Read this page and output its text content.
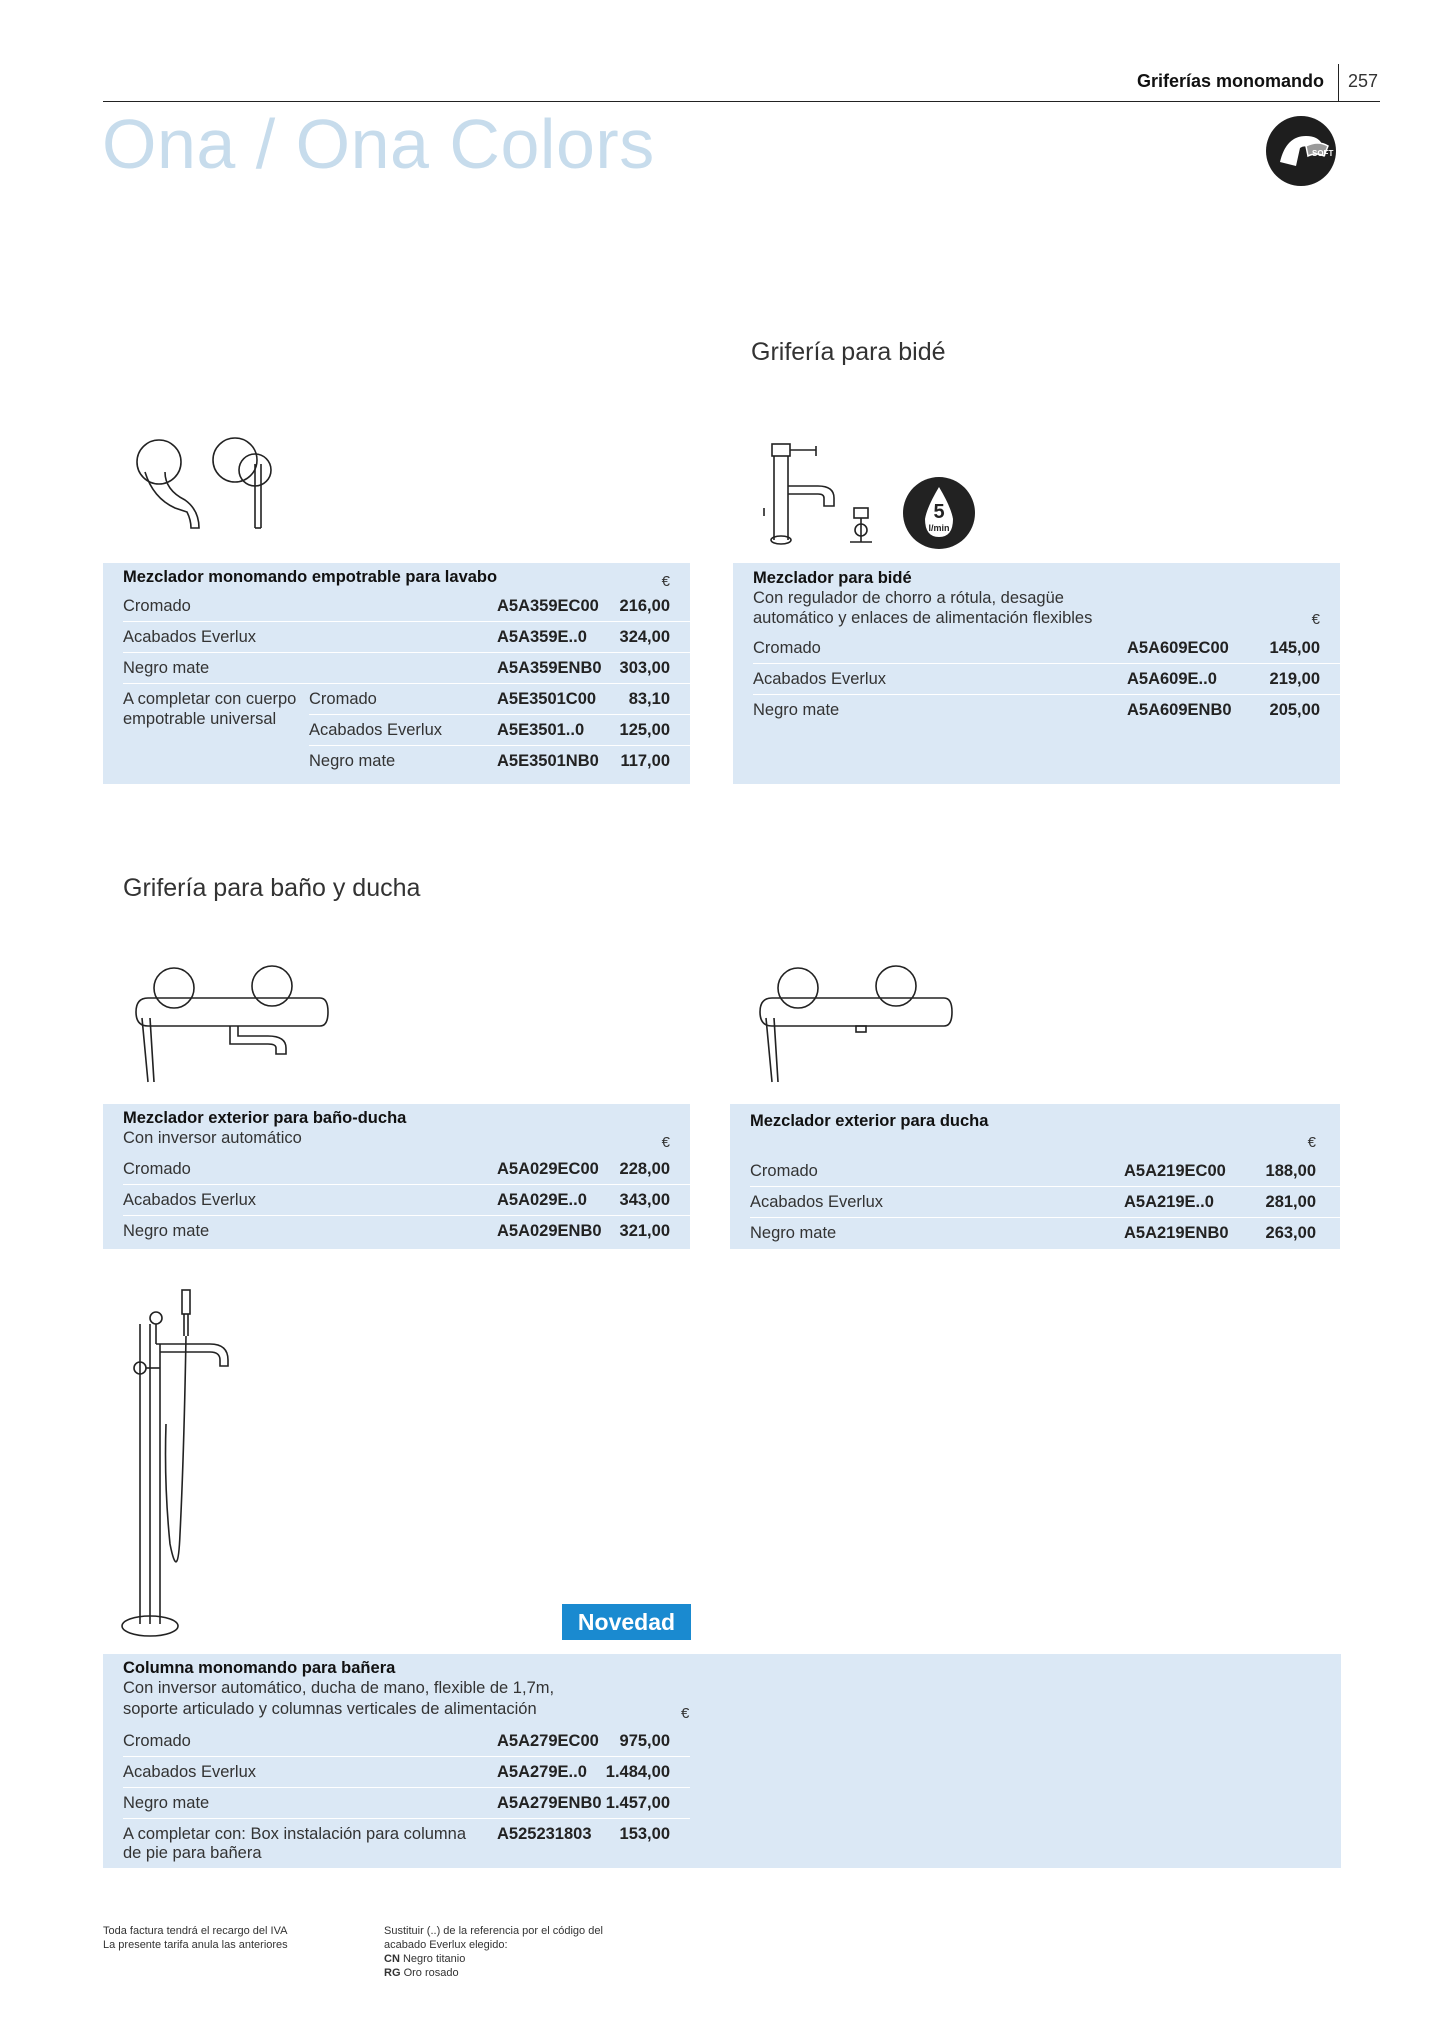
Griferías monomando 257
Ona / Ona Colors	SOFT
Grifería para bidé
5
l/min
Mezclador monomando empotrable para lavabo	€
Cromado	A5A359EC00	216,00
Acabados Everlux	A5A359E..0	324,00
Negro mate	A5A359ENB0	303,00
A completar con cuerpo
empotrable universal
Cromado	A5E3501C00	83,10
Acabados Everlux	A5E3501..0	125,00
Negro mate	A5E3501NB0	117,00
Mezclador para bidé
Con regulador de chorro a rótula, desagüe
automático y enlaces de alimentación flexibles	€
Cromado	A5A609EC00	145,00
Acabados Everlux	A5A609E..0	219,00
Negro mate	A5A609ENB0	205,00
Grifería para baño y ducha
Mezclador exterior para baño-ducha
Con inversor automático	€
Cromado	A5A029EC00	228,00
Acabados Everlux	A5A029E..0	343,00
Negro mate	A5A029ENB0	321,00
Mezclador exterior para ducha
€
Cromado	A5A219EC00	188,00
Acabados Everlux	A5A219E..0	281,00
Negro mate	A5A219ENB0	263,00
Novedad
Columna monomando para bañera
Con inversor automático, ducha de mano, flexible de 1,7m,
soporte articulado y columnas verticales de alimentación	€
Cromado	A5A279EC00	975,00
Acabados Everlux	A5A279E..0	1.484,00
Negro mate	A5A279ENB0 1.457,00
A completar con: Box instalación para columna
de pie para bañera
A525231803	153,00
Toda factura tendrá el recargo del IVA
La presente tarifa anula las anteriores
Sustituir (..) de la referencia por el código del
acabado Everlux elegido:
CN Negro titanio
RG Oro rosado
